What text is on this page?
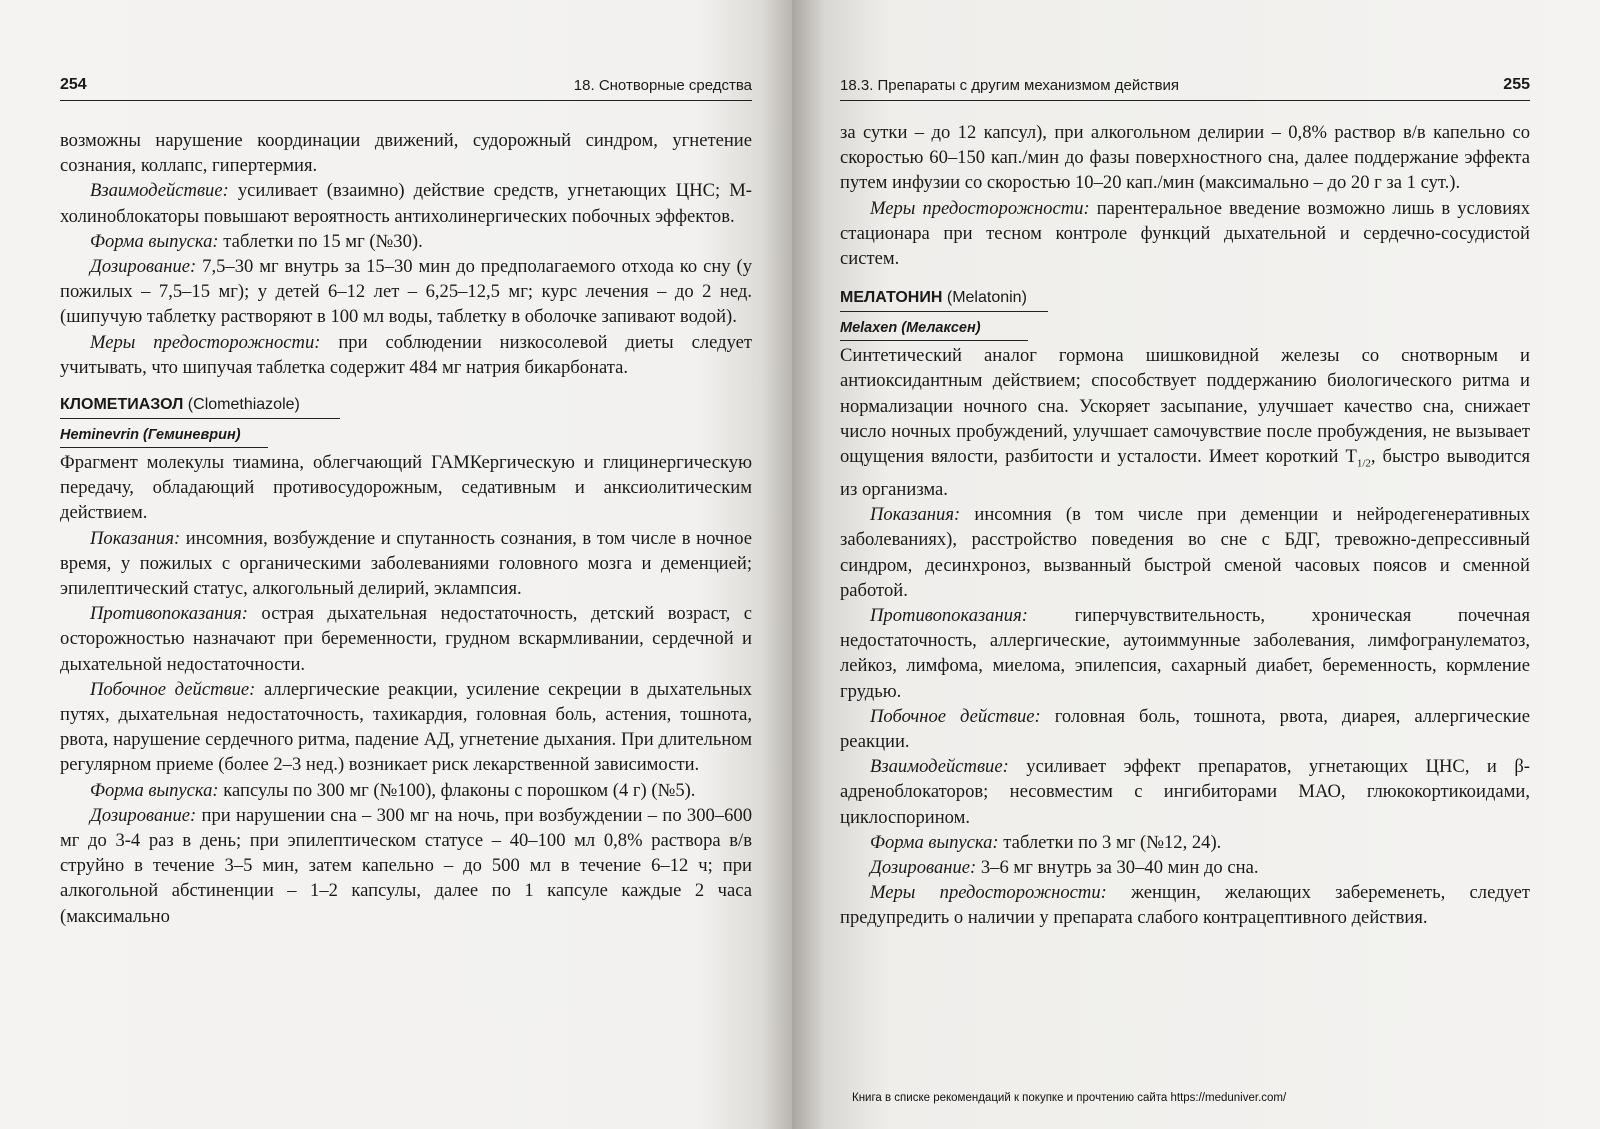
254	18. Снотворные средства

возможны нарушение координации движений, судорожный синдром, угнетение сознания, коллапс, гипертермия.

Взаимодействие: усиливает (взаимно) действие средств, угнетающих ЦНС; М-холиноблокаторы повышают вероятность антихолинергических побочных эффектов.

Форма выпуска: таблетки по 15 мг (№30).

Дозирование: 7,5–30 мг внутрь за 15–30 мин до предполагаемого отхода ко сну (у пожилых – 7,5–15 мг); у детей 6–12 лет – 6,25–12,5 мг; курс лечения – до 2 нед. (шипучую таблетку растворяют в 100 мл воды, таблетку в оболочке запивают водой).

Меры предосторожности: при соблюдении низкосолевой диеты следует учитывать, что шипучая таблетка содержит 484 мг натрия бикарбоната.

КЛОМЕТИАЗОЛ (Clomethiazole)
Heminevrin (Геминеврин)

Фрагмент молекулы тиамина, облегчающий ГАМКергическую и глицинергическую передачу, обладающий противосудорожным, седативным и анксиолитическим действием.

Показания: инсомния, возбуждение и спутанность сознания, в том числе в ночное время, у пожилых с органическими заболеваниями головного мозга и деменцией; эпилептический статус, алкогольный делирий, эклампсия.

Противопоказания: острая дыхательная недостаточность, детский возраст, с осторожностью назначают при беременности, грудном вскармливании, сердечной и дыхательной недостаточности.

Побочное действие: аллергические реакции, усиление секреции в дыхательных путях, дыхательная недостаточность, тахикардия, головная боль, астения, тошнота, рвота, нарушение сердечного ритма, падение АД, угнетение дыхания. При длительном регулярном приеме (более 2–3 нед.) возникает риск лекарственной зависимости.

Форма выпуска: капсулы по 300 мг (№100), флаконы с порошком (4 г) (№5).

Дозирование: при нарушении сна – 300 мг на ночь, при возбуждении – по 300–600 мг до 3-4 раз в день; при эпилептическом статусе – 40–100 мл 0,8% раствора в/в струйно в течение 3–5 мин, затем капельно – до 500 мл в течение 6–12 ч; при алкогольной абстиненции – 1–2 капсулы, далее по 1 капсуле каждые 2 часа (максимально

18.3. Препараты с другим механизмом действия	255

за сутки – до 12 капсул), при алкогольном делирии – 0,8% раствор в/в капельно со скоростью 60–150 кап./мин до фазы поверхностного сна, далее поддержание эффекта путем инфузии со скоростью 10–20 кап./мин (максимально – до 20 г за 1 сут.).

Меры предосторожности: парентеральное введение возможно лишь в условиях стационара при тесном контроле функций дыхательной и сердечно-сосудистой систем.

МЕЛАТОНИН (Melatonin)
Melaxen (Мелаксен)

Синтетический аналог гормона шишковидной железы со снотворным и антиоксидантным действием; способствует поддержанию биологического ритма и нормализации ночного сна. Ускоряет засыпание, улучшает качество сна, снижает число ночных пробуждений, улучшает самочувствие после пробуждения, не вызывает ощущения вялости, разбитости и усталости. Имеет короткий $Т_{1/2}$, быстро выводится из организма.

Показания: инсомния (в том числе при деменции и нейродегенеративных заболеваниях), расстройство поведения во сне с БДГ, тревожно-депрессивный синдром, десинхроноз, вызванный быстрой сменой часовых поясов и сменной работой.

Противопоказания: гиперчувствительность, хроническая почечная недостаточность, аллергические, аутоиммунные заболевания, лимфогранулематоз, лейкоз, лимфома, миелома, эпилепсия, сахарный диабет, беременность, кормление грудью.

Побочное действие: головная боль, тошнота, рвота, диарея, аллергические реакции.

Взаимодействие: усиливает эффект препаратов, угнетающих ЦНС, и β-адреноблокаторов; несовместим с ингибиторами МАО, глюкокортикоидами, циклоспорином.

Форма выпуска: таблетки по 3 мг (№12, 24).

Дозирование: 3–6 мг внутрь за 30–40 мин до сна.

Меры предосторожности: женщин, желающих забеременеть, следует предупредить о наличии у препарата слабого контрацептивного действия.

Книга в списке рекомендаций к покупке и прочтению сайта https://meduniver.com/
